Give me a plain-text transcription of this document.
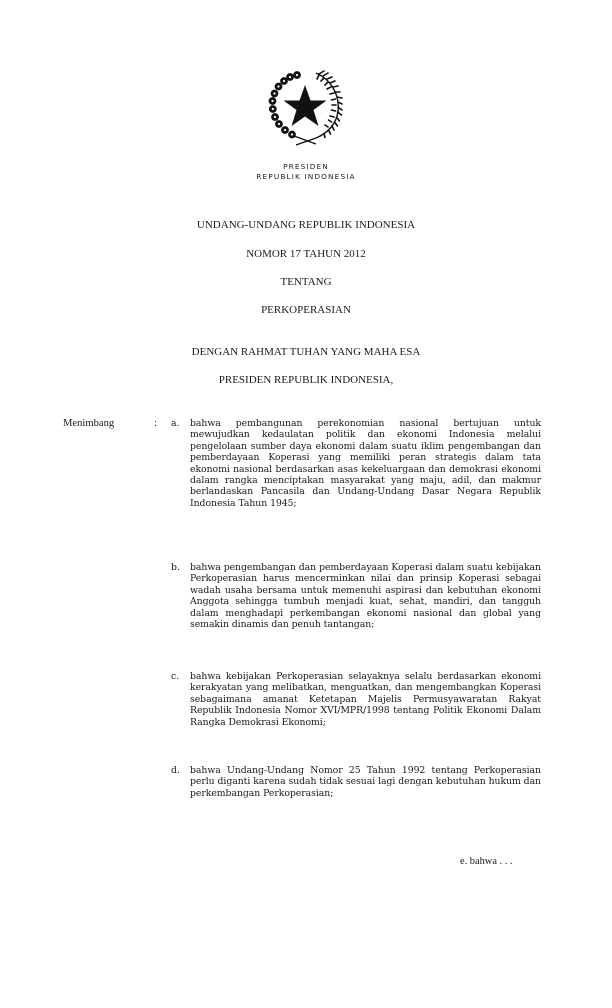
PRESIDEN
REPUBLIK INDONESIA
UNDANG-UNDANG REPUBLIK INDONESIA
NOMOR 17 TAHUN 2012
TENTANG
PERKOPERASIAN
DENGAN RAHMAT TUHAN YANG MAHA ESA
PRESIDEN REPUBLIK INDONESIA,
Menimbang	: a. bahwa pembangunan perekonomian nasional bertujuan untuk mewujudkan kedaulatan politik dan ekonomi Indonesia melalui pengelolaan sumber daya ekonomi dalam suatu iklim pengembangan dan pemberdayaan Koperasi yang memiliki peran strategis dalam tata ekonomi nasional berdasarkan asas kekeluargaan dan demokrasi ekonomi dalam rangka menciptakan masyarakat yang maju, adil, dan makmur berlandaskan Pancasila dan Undang-Undang Dasar Negara Republik Indonesia Tahun 1945;
b. bahwa pengembangan dan pemberdayaan Koperasi dalam suatu kebijakan Perkoperasian harus mencerminkan nilai dan prinsip Koperasi sebagai wadah usaha bersama untuk memenuhi aspirasi dan kebutuhan ekonomi Anggota sehingga tumbuh menjadi kuat, sehat, mandiri, dan tangguh dalam menghadapi perkembangan ekonomi nasional dan global yang semakin dinamis dan penuh tantangan;
c. bahwa kebijakan Perkoperasian selayaknya selalu berdasarkan ekonomi kerakyatan yang melibatkan, menguatkan, dan mengembangkan Koperasi sebagaimana amanat Ketetapan Majelis Permusyawaratan Rakyat Republik Indonesia Nomor XVI/MPR/1998 tentang Politik Ekonomi Dalam Rangka Demokrasi Ekonomi;
d. bahwa Undang-Undang Nomor 25 Tahun 1992 tentang Perkoperasian perlu diganti karena sudah tidak sesuai lagi dengan kebutuhan hukum dan perkembangan Perkoperasian;
e. bahwa . . .
